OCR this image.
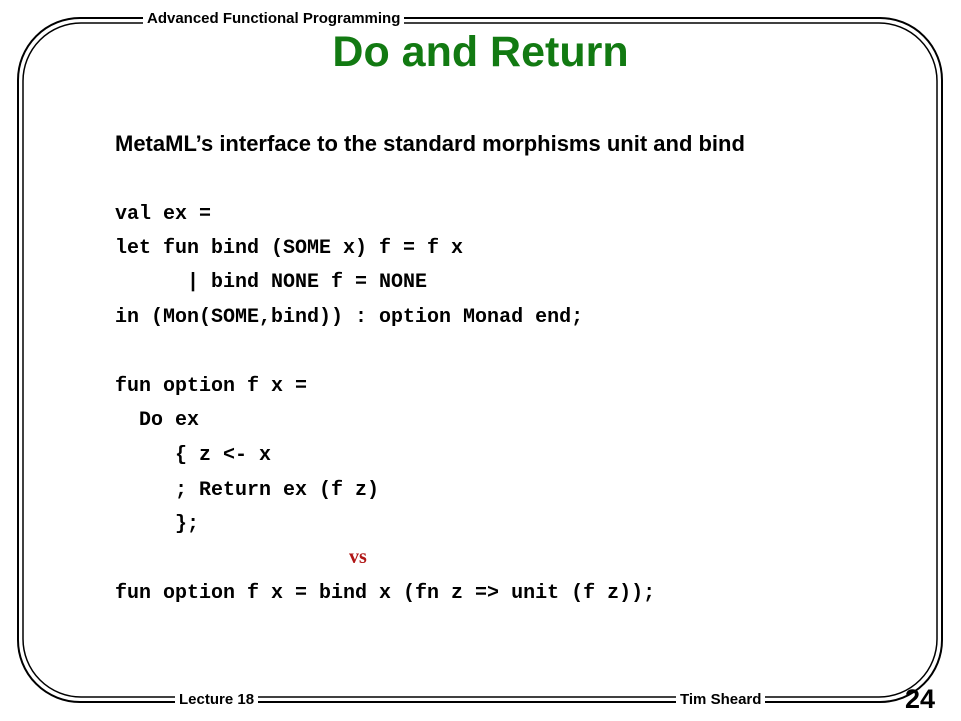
Advanced Functional Programming
Lecture 18	Tim Sheard	24
Do and Return
MetaML’s interface to the standard morphisms unit and bind
val ex =
let fun bind (SOME x) f = f x
| bind NONE f = NONE
in (Mon(SOME,bind)) : option Monad end;
fun option f x =
Do ex
{ z <- x
; Return ex (f z)
};
vs
fun option f x = bind x (fn z => unit (f z));
